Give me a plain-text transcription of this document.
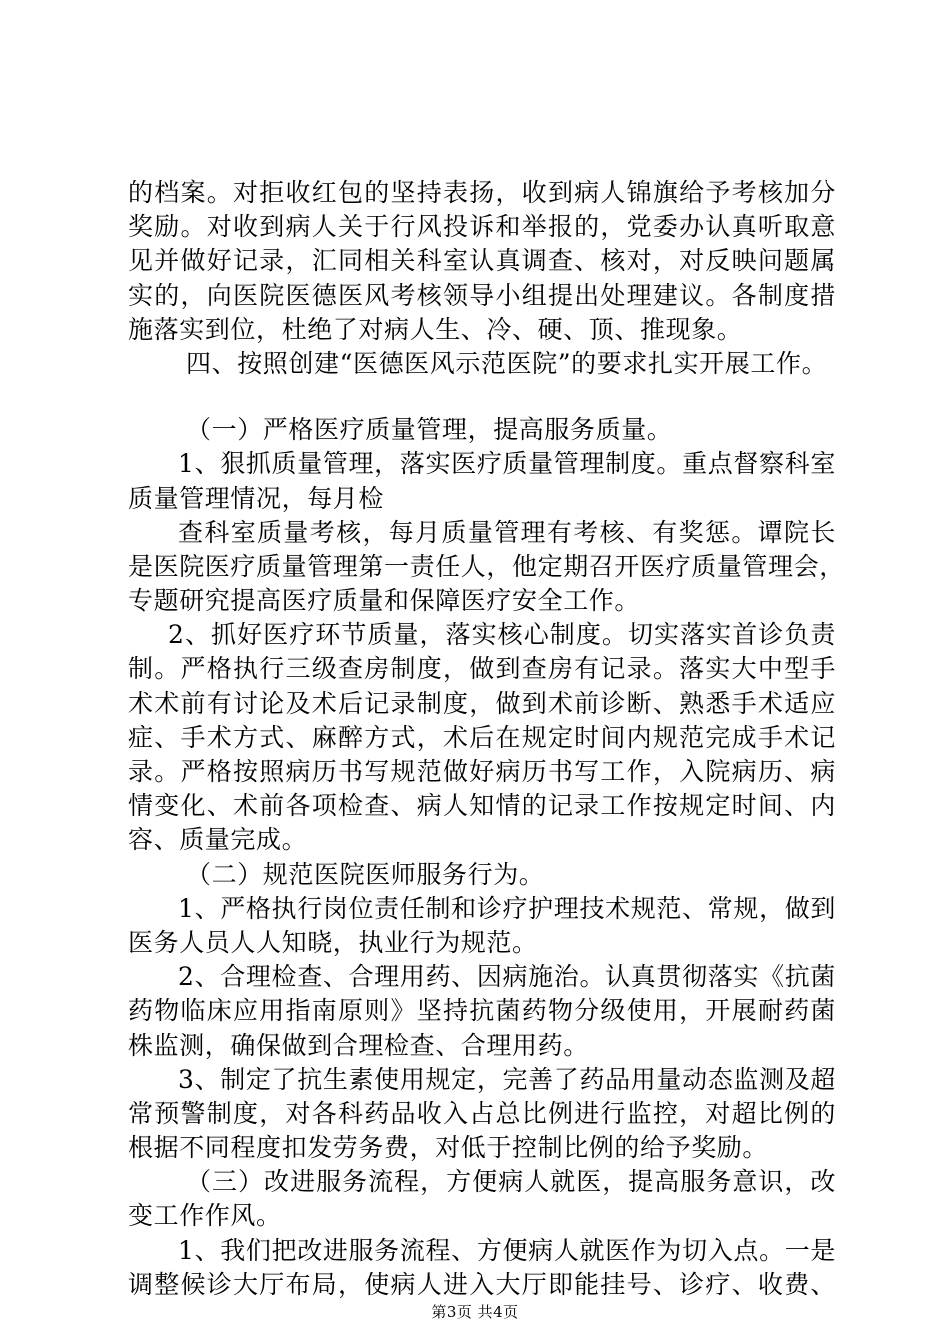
的档案。对拒收红包的坚持表扬，收到病人锦旗给予考核加分
奖励。对收到病人关于行风投诉和举报的，党委办认真听取意
见并做好记录，汇同相关科室认真调查、核对，对反映问题属
实的，向医院医德医风考核领导小组提出处理建议。各制度措
施落实到位，杜绝了对病人生、冷、硬、顶、推现象。
四、按照创建“医德医风示范医院”的要求扎实开展工作。
（一）严格医疗质量管理，提高服务质量。
1、狠抓质量管理，落实医疗质量管理制度。重点督察科室
质量管理情况，每月检
查科室质量考核，每月质量管理有考核、有奖惩。谭院长
是医院医疗质量管理第一责任人，他定期召开医疗质量管理会，
专题研究提高医疗质量和保障医疗安全工作。
2、抓好医疗环节质量，落实核心制度。切实落实首诊负责
制。严格执行三级查房制度，做到查房有记录。落实大中型手
术术前有讨论及术后记录制度，做到术前诊断、熟悉手术适应
症、手术方式、麻醉方式，术后在规定时间内规范完成手术记
录。严格按照病历书写规范做好病历书写工作，入院病历、病
情变化、术前各项检查、病人知情的记录工作按规定时间、内
容、质量完成。
（二）规范医院医师服务行为。
1、严格执行岗位责任制和诊疗护理技术规范、常规，做到
医务人员人人知晓，执业行为规范。
2、合理检查、合理用药、因病施治。认真贯彻落实《抗菌
药物临床应用指南原则》坚持抗菌药物分级使用，开展耐药菌
株监测，确保做到合理检查、合理用药。
3、制定了抗生素使用规定，完善了药品用量动态监测及超
常预警制度，对各科药品收入占总比例进行监控，对超比例的
根据不同程度扣发劳务费，对低于控制比例的给予奖励。
（三）改进服务流程，方便病人就医，提高服务意识，改
变工作作风。
1、我们把改进服务流程、方便病人就医作为切入点。一是
调整候诊大厅布局，使病人进入大厅即能挂号、诊疗、收费、
第3页 共4页
